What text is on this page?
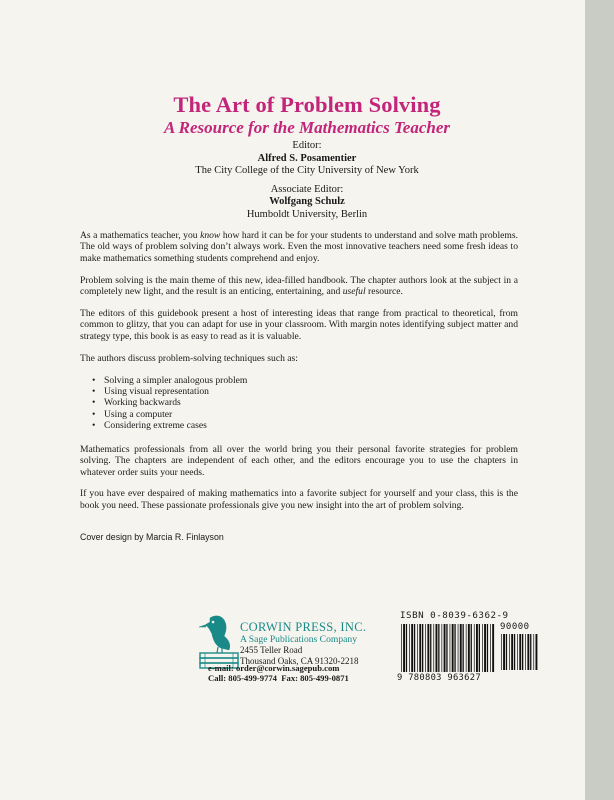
The Art of Problem Solving
A Resource for the Mathematics Teacher
Editor:
Alfred S. Posamentier
The City College of the City University of New York
Associate Editor:
Wolfgang Schulz
Humboldt University, Berlin

As a mathematics teacher, you know how hard it can be for your students to understand and solve math problems. The old ways of problem solving don’t always work. Even the most innovative teachers need some fresh ideas to make mathematics something students comprehend and enjoy.

Problem solving is the main theme of this new, idea-filled handbook. The chapter authors look at the subject in a completely new light, and the result is an enticing, entertaining, and useful resource.

The editors of this guidebook present a host of interesting ideas that range from practical to theoretical, from common to glitzy, that you can adapt for use in your classroom. With margin notes identifying subject matter and strategy type, this book is as easy to read as it is valuable.

The authors discuss problem-solving techniques such as:

• Solving a simpler analogous problem
• Using visual representation
• Working backwards
• Using a computer
• Considering extreme cases

Mathematics professionals from all over the world bring you their personal favorite strategies for problem solving. The chapters are independent of each other, and the editors encourage you to use the chapters in whatever order suits your needs.

If you have ever despaired of making mathematics into a favorite subject for yourself and your class, this is the book you need. These passionate professionals give you new insight into the art of problem solving.

Cover design by Marcia R. Finlayson
CORWIN PRESS, INC.
A Sage Publications Company
2455 Teller Road
Thousand Oaks, CA 91320-2218
e-mail: order@corwin.sagepub.com
Call: 805-499-9774 Fax: 805-499-0871
ISBN 0-8039-6362-9
90000
9 780803 963627
